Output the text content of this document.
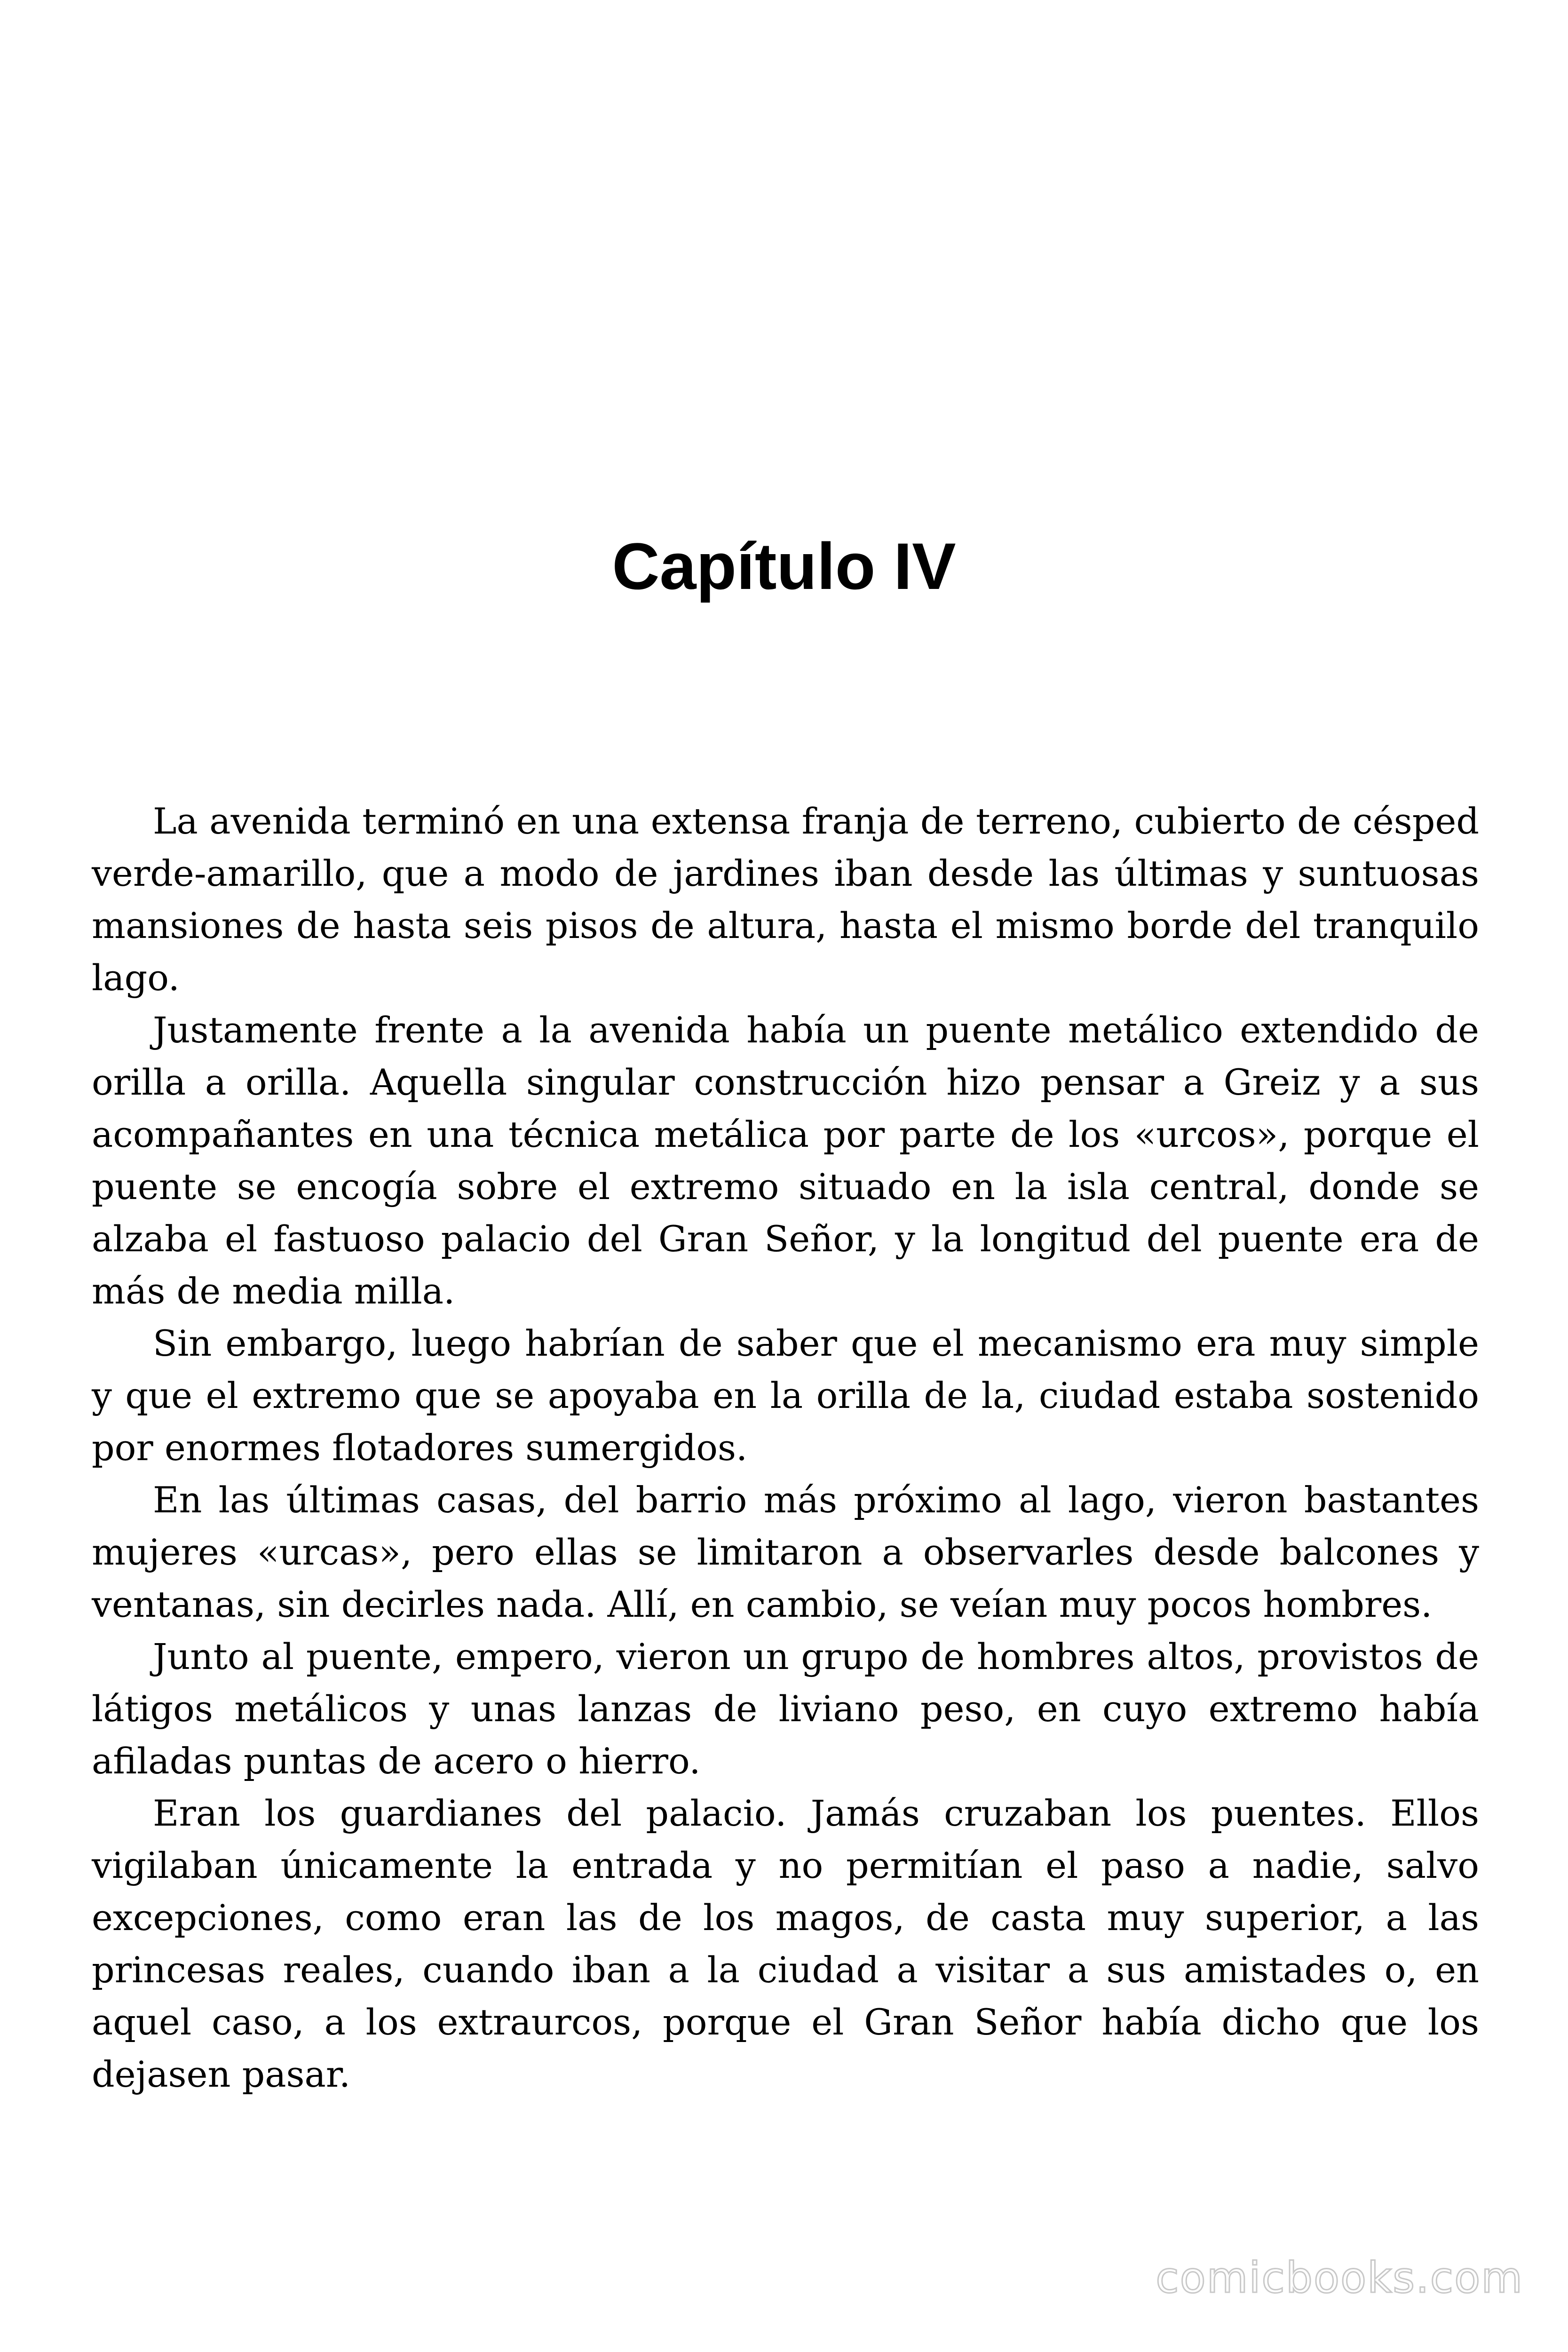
Capítulo IV

La avenida terminó en una extensa franja de terreno, cubierto de césped verde-amarillo, que a modo de jardines iban desde las últimas y suntuosas mansiones de hasta seis pisos de altura, hasta el mismo borde del tranquilo lago.

Justamente frente a la avenida había un puente metálico extendido de orilla a orilla. Aquella singular construcción hizo pensar a Greiz y a sus acompañantes en una técnica metálica por parte de los «urcos», porque el puente se encogía sobre el extremo situado en la isla central, donde se alzaba el fastuoso palacio del Gran Señor, y la longitud del puente era de más de media milla.

Sin embargo, luego habrían de saber que el mecanismo era muy simple y que el extremo que se apoyaba en la orilla de la, ciudad estaba sostenido por enormes flotadores sumergidos.

En las últimas casas, del barrio más próximo al lago, vieron bastantes mujeres «urcas», pero ellas se limitaron a observarles desde balcones y ventanas, sin decirles nada. Allí, en cambio, se veían muy pocos hombres.

Junto al puente, empero, vieron un grupo de hombres altos, provistos de látigos metálicos y unas lanzas de liviano peso, en cuyo extremo había afiladas puntas de acero o hierro.

Eran los guardianes del palacio. Jamás cruzaban los puentes. Ellos vigilaban únicamente la entrada y no permitían el paso a nadie, salvo excepciones, como eran las de los magos, de casta muy superior, a las princesas reales, cuando iban a la ciudad a visitar a sus amistades o, en aquel caso, a los extraurcos, porque el Gran Señor había dicho que los dejasen pasar.

comicbooks.com
